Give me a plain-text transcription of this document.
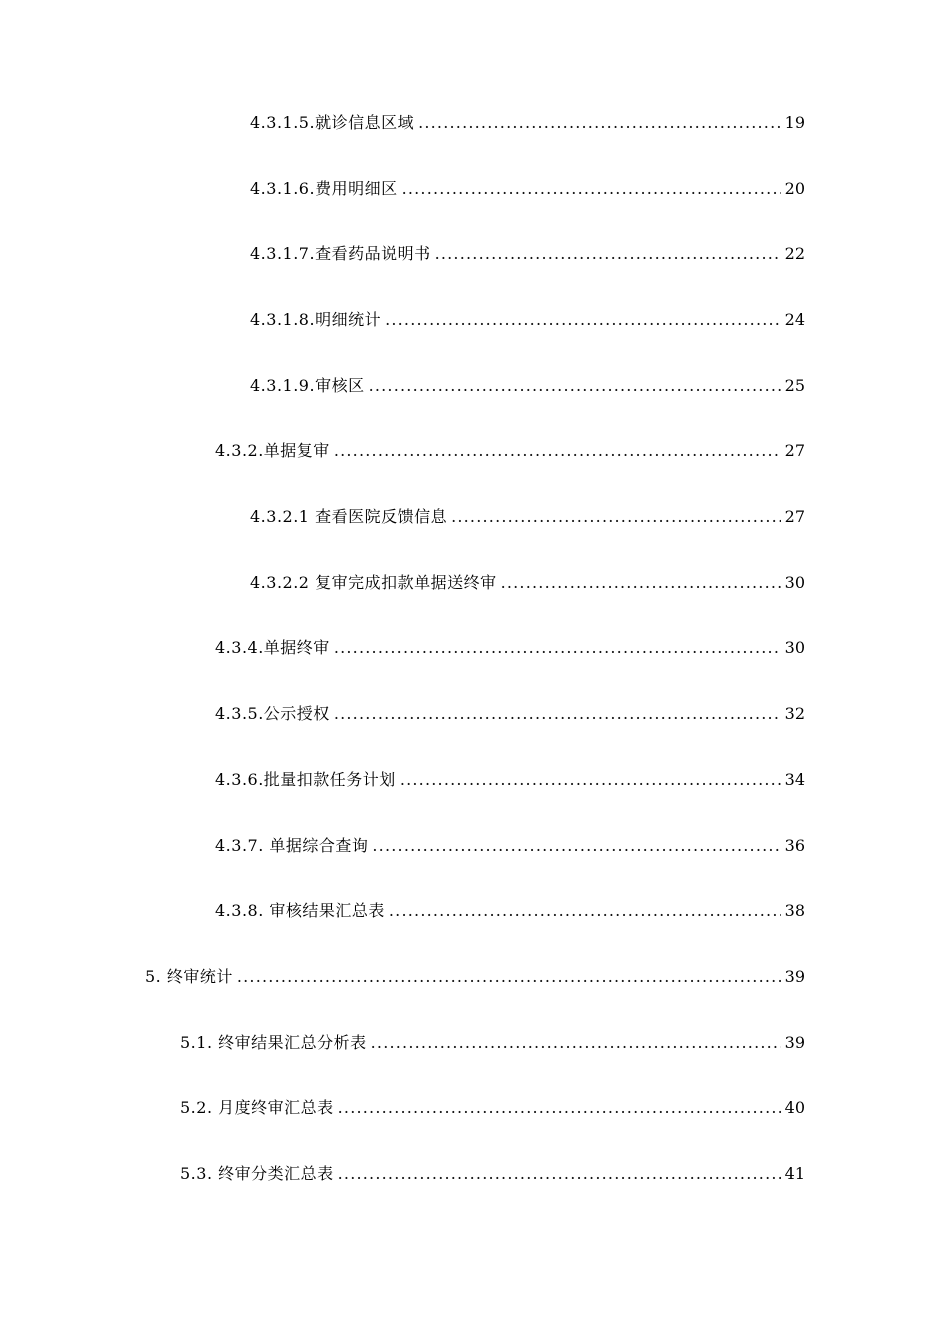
4.3.1.5.就诊信息区域 .....	19
4.3.1.6.费用明细区 .....	20
4.3.1.7.查看药品说明书 .....	22
4.3.1.8.明细统计 .....	24
4.3.1.9.审核区 .....	25
4.3.2.单据复审 .....	27
4.3.2.1 查看医院反馈信息 .....	27
4.3.2.2 复审完成扣款单据送终审 .....	30
4.3.4.单据终审 .....	30
4.3.5.公示授权 .....	32
4.3.6.批量扣款任务计划 .....	34
4.3.7. 单据综合查询 .....	36
4.3.8. 审核结果汇总表 .....	38
5. 终审统计 .....	39
5.1. 终审结果汇总分析表 .....	39
5.2. 月度终审汇总表 .....	40
5.3. 终审分类汇总表 .....	41
